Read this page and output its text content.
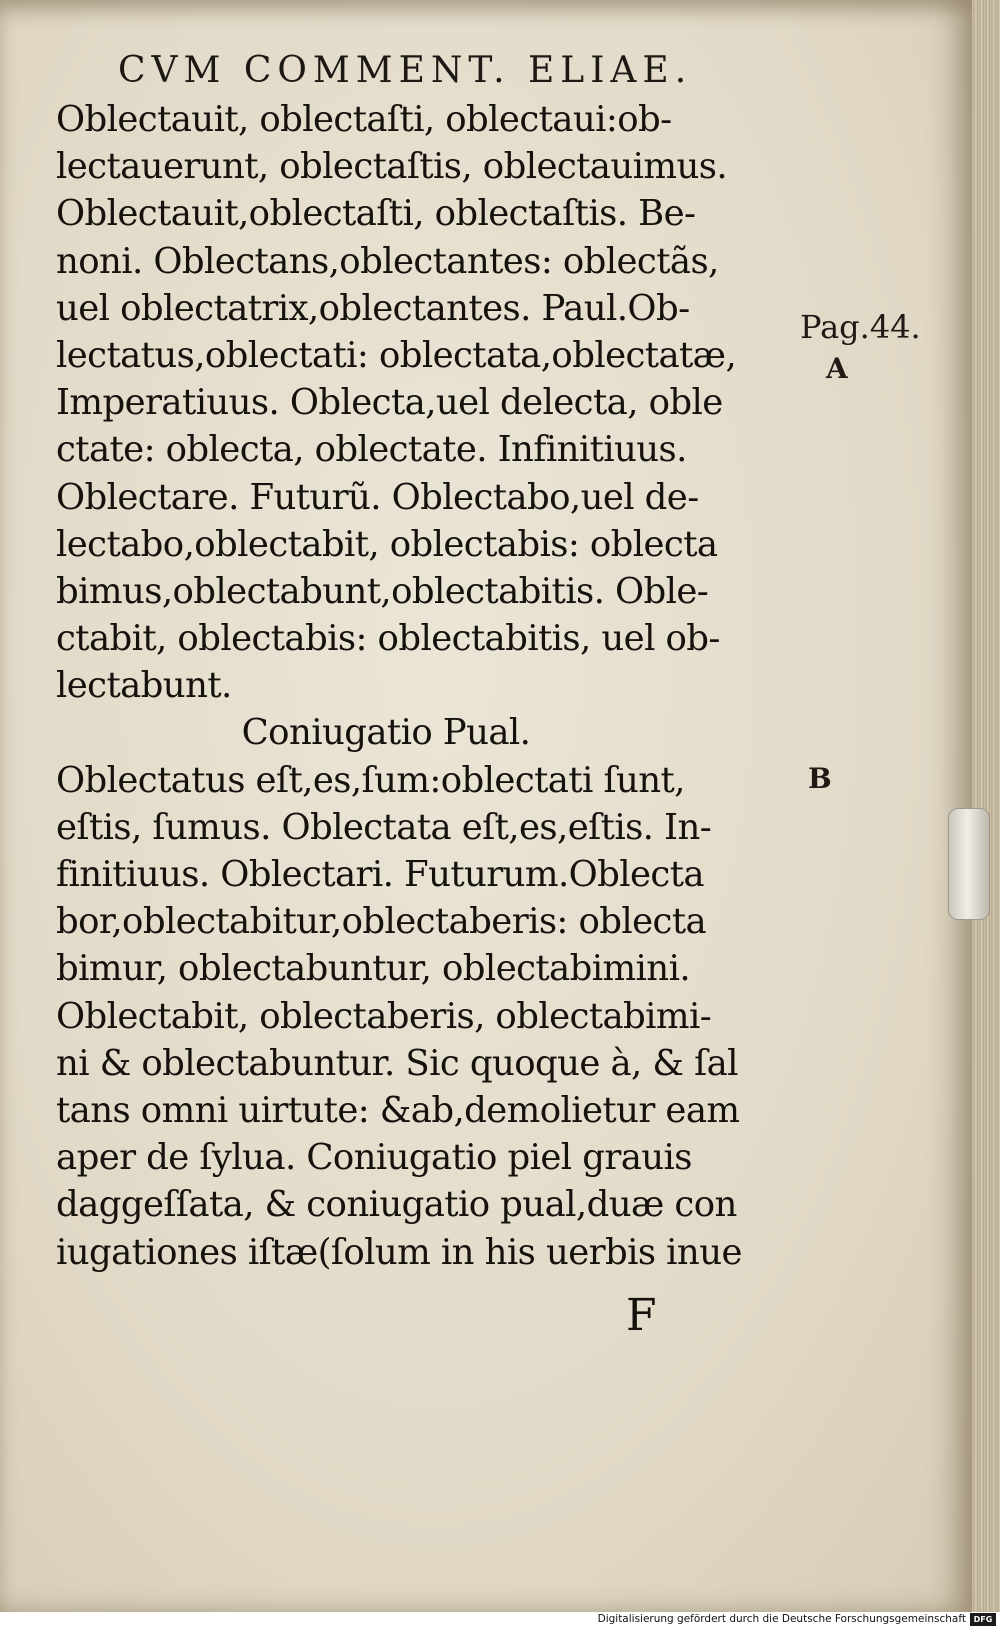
CVM COMMENT. ELIAE.
Oblectauit, oblectaſti, oblectaui:ob-
lectauerunt, oblectaſtis, oblectauimus.
Oblectauit,oblectaſti, oblectaſtis. Be-
noni. Oblectans,oblectantes: oblectãs,
uel oblectatrix,oblectantes. Paul.Ob-
lectatus,oblectati: oblectata,oblectatæ,
Imperatiuus. Oblecta,uel delecta, oble
ctate: oblecta, oblectate. Infinitiuus.
Oblectare. Futurũ. Oblectabo,uel de-
lectabo,oblectabit, oblectabis: oblecta
bimus,oblectabunt,oblectabitis. Oble-
ctabit, oblectabis: oblectabitis, uel ob-
lectabunt.
Coniugatio Pual.
Oblectatus eſt,es,ſum:oblectati ſunt,
eſtis, ſumus. Oblectata eſt,es,eſtis. In-
finitiuus. Oblectari. Futurum.Oblecta
bor,oblectabitur,oblectaberis: oblecta
bimur, oblectabuntur, oblectabimini.
Oblectabit, oblectaberis, oblectabimi-
ni & oblectabuntur. Sic quoque à, & ſal
tans omni uirtute: &ab,demolietur eam
aper de ſylua. Coniugatio piel grauis
daggeſſata, & coniugatio pual,duæ con
iugationes iſtæ(ſolum in his uerbis inue
F
Pag.44.
A
B
Digitalisierung gefördert durch die Deutsche Forschungsgemeinschaft DFG
